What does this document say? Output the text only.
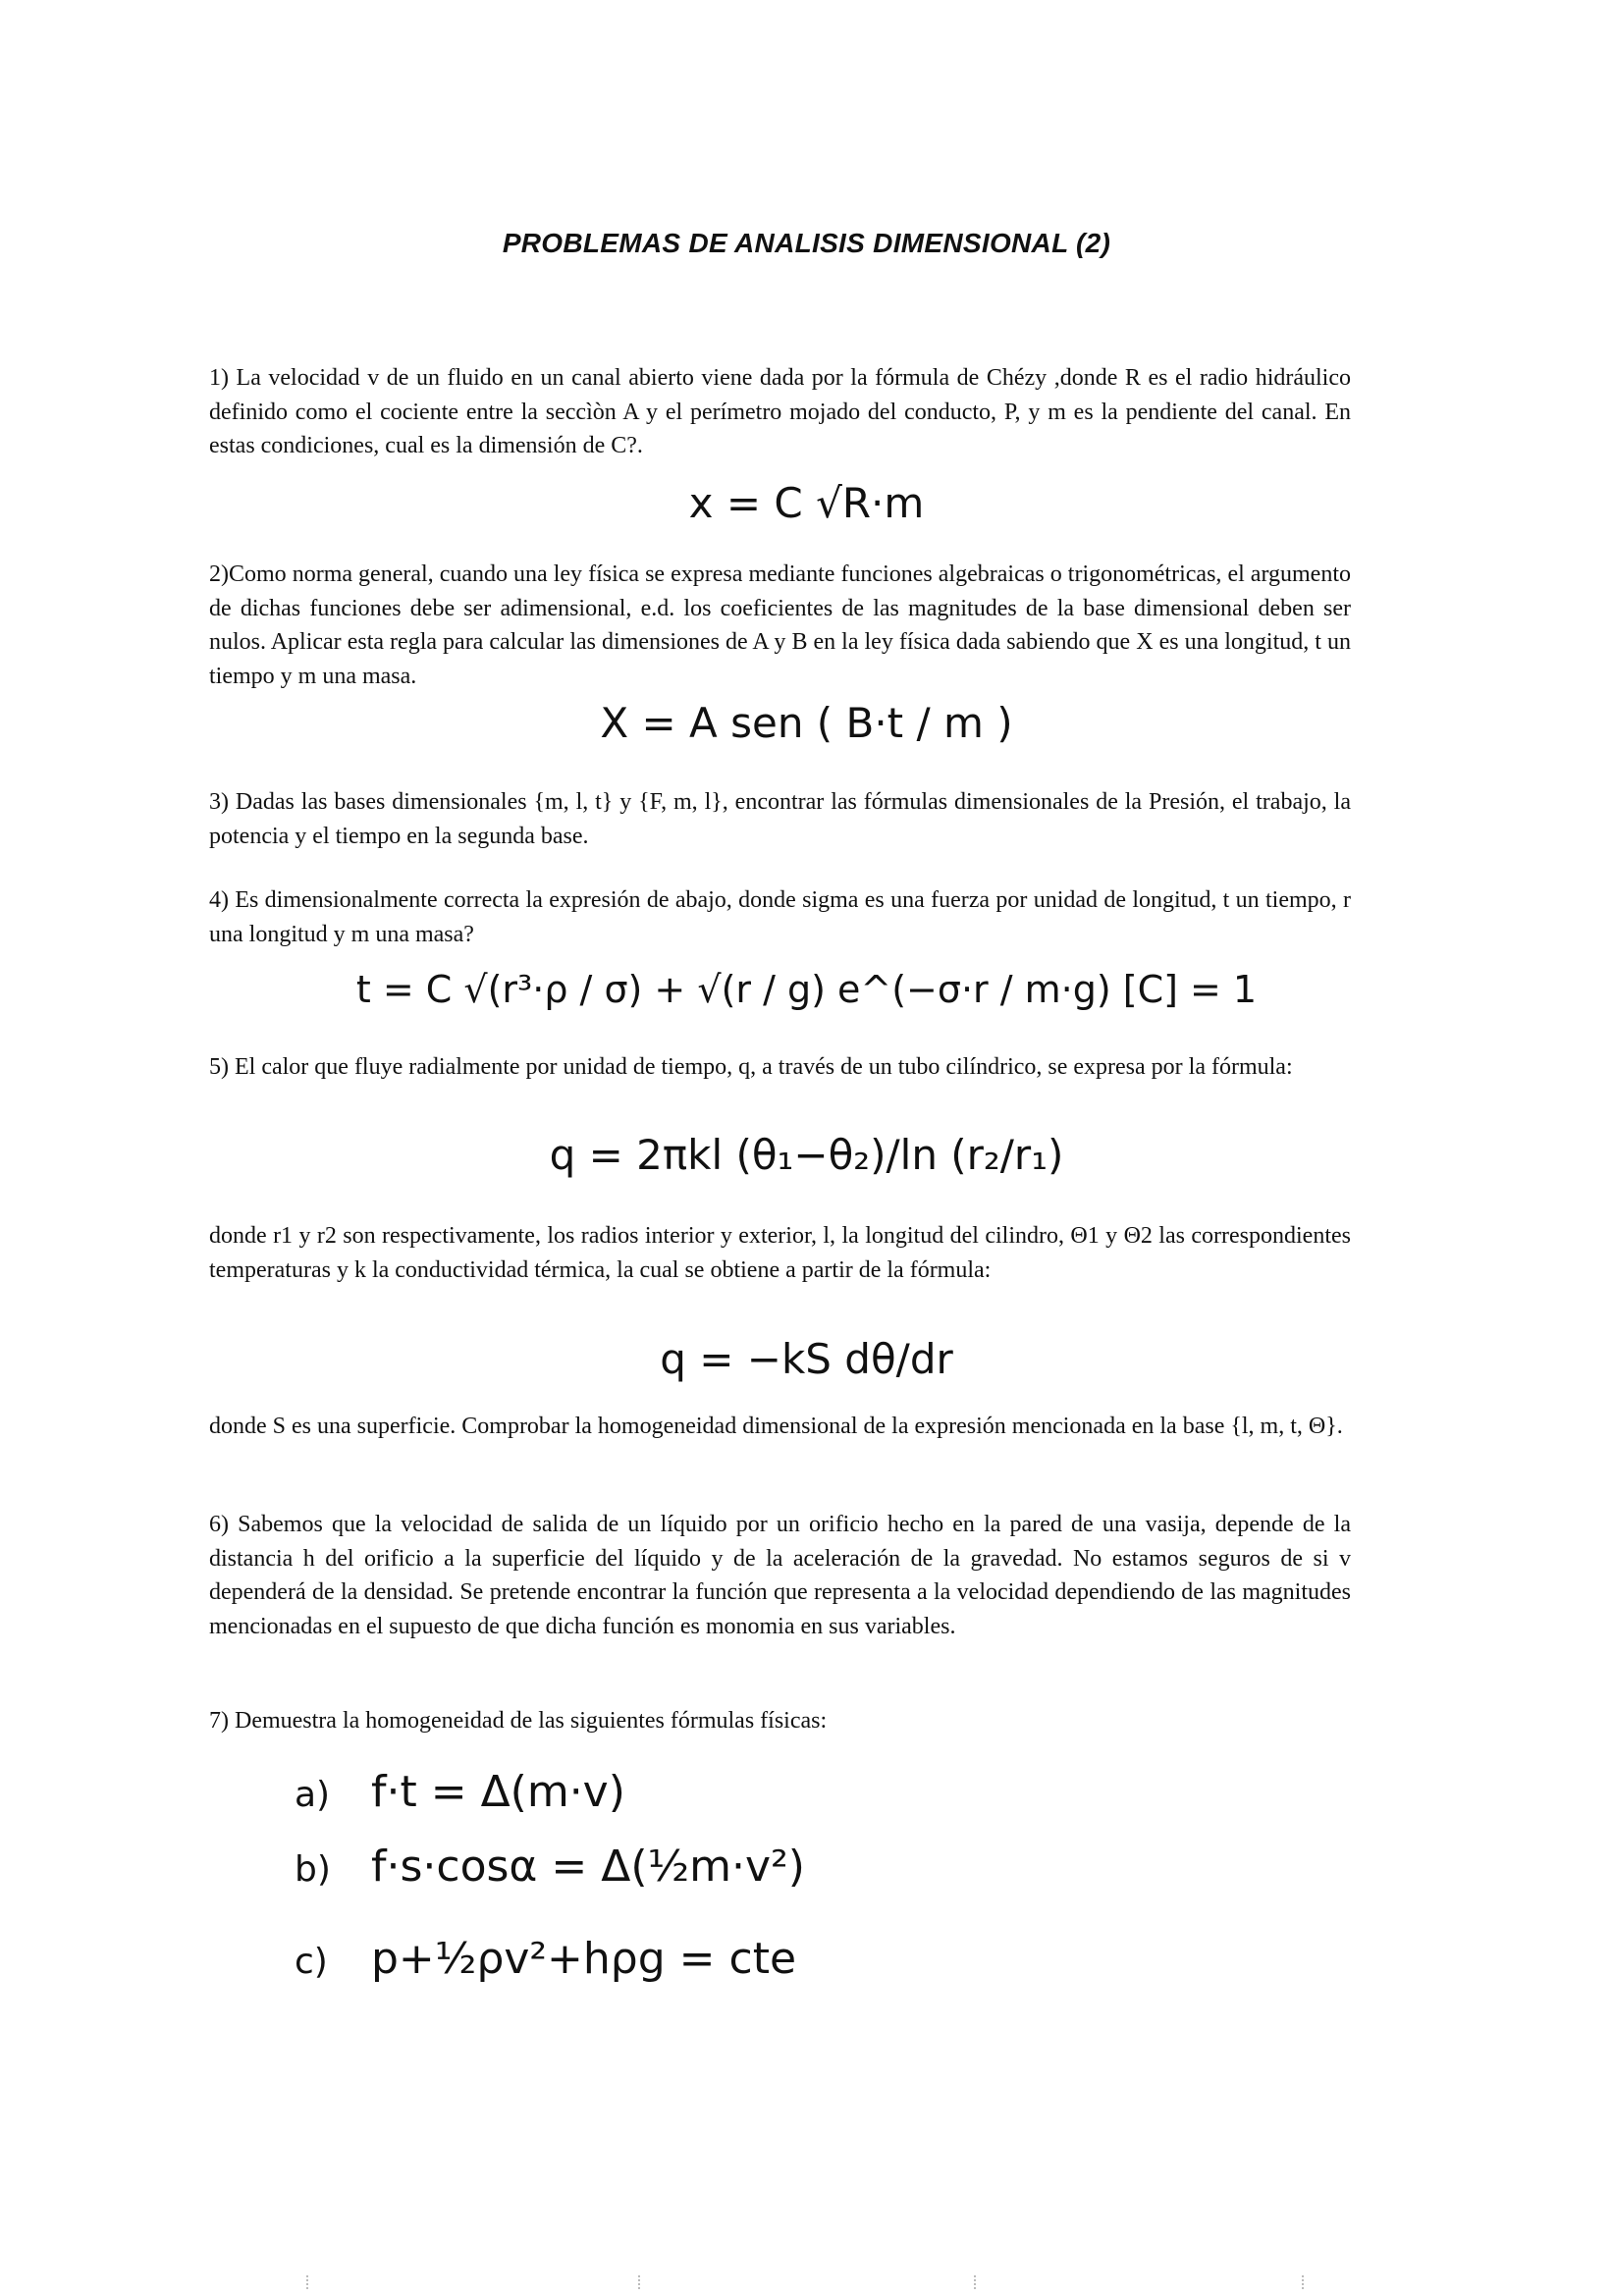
PROBLEMAS DE ANALISIS DIMENSIONAL (2)
1) La velocidad v de un fluido en un canal abierto viene dada por la fórmula de Chézy ,donde R es el radio hidráulico definido como el cociente entre la seccìòn A y el perímetro mojado del conducto, P, y m es la pendiente del canal. En estas condiciones, cual es la dimensión de C?.
x = C √R·m
2)Como norma general, cuando una ley física se expresa mediante funciones algebraicas o trigonométricas, el argumento de dichas funciones debe ser adimensional, e.d. los coeficientes de las magnitudes de la base dimensional deben ser nulos. Aplicar esta regla para calcular las dimensiones de A y B en la ley física dada sabiendo que X es una longitud, t un tiempo y m una masa.
X = A sen ( B·t / m )
3) Dadas las bases dimensionales {m, l, t} y {F, m, l}, encontrar las fórmulas dimensionales de la Presión, el trabajo, la potencia y el tiempo en la segunda base.
4) Es dimensionalmente correcta la expresión de abajo, donde sigma es una fuerza por unidad de longitud, t un tiempo, r una longitud y m una masa?
t = C √(r³·ρ / σ) + √(r / g) e^(−σ·r / m·g) [C] = 1
5) El calor que fluye radialmente por unidad de tiempo, q, a través de un tubo cilíndrico, se expresa por la fórmula:
q = 2πkl (θ₁−θ₂)/ln (r₂/r₁)
donde r1 y r2 son respectivamente, los radios interior y exterior, l, la longitud del cilindro, Θ1 y Θ2 las correspondientes temperaturas y k la conductividad térmica, la cual se obtiene a partir de la fórmula:
q = −kS dθ/dr
donde S es una superficie. Comprobar la homogeneidad dimensional de la expresión mencionada en la base {l, m, t, Θ}.
6) Sabemos que la velocidad de salida de un líquido por un orificio hecho en la pared de una vasija, depende de la distancia h del orificio a la superficie del líquido y de la aceleración de la gravedad. No estamos seguros de si v dependerá de la densidad. Se pretende encontrar la función que representa a la velocidad dependiendo de las magnitudes mencionadas en el supuesto de que dicha función es monomia en sus variables.
7) Demuestra la homogeneidad de las siguientes fórmulas físicas:
a) f·t = Δ(m·v)
b) f·s·cosα = Δ(½m·v²)
c) p+½ρv²+hρg = cte
